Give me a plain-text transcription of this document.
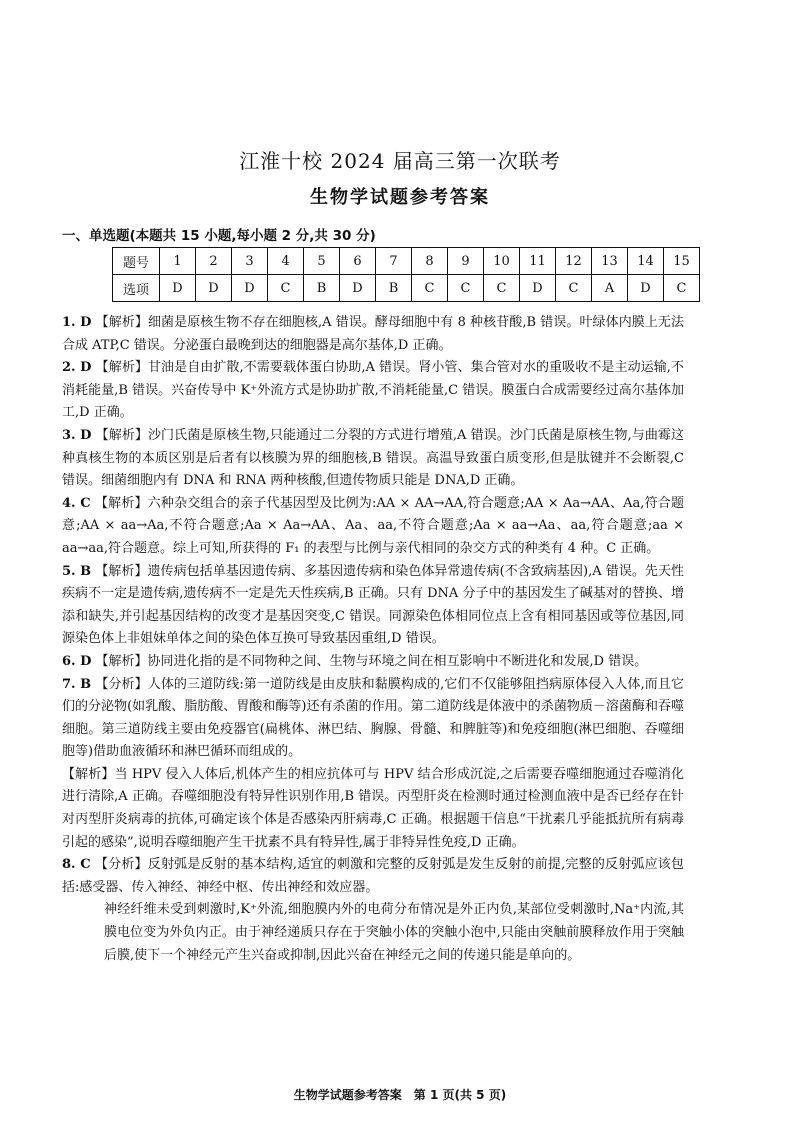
江淮十校 2024 届高三第一次联考
生物学试题参考答案
一、单选题(本题共 15 小题,每小题 2 分,共 30 分)
题号	1	2	3	4	5	6	7	8	9	10	11	12	13	14	15
选项	D	D	D	C	B	D	B	C	C	C	D	C	A	D	C

1. D 【解析】细菌是原核生物不存在细胞核,A 错误。酵母细胞中有 8 种核苷酸,B 错误。叶绿体内膜上无法合成 ATP,C 错误。分泌蛋白最晚到达的细胞器是高尔基体,D 正确。

2. D 【解析】甘油是自由扩散,不需要载体蛋白协助,A 错误。肾小管、集合管对水的重吸收不是主动运输,不消耗能量,B 错误。兴奋传导中 K⁺外流方式是协助扩散,不消耗能量,C 错误。膜蛋白合成需要经过高尔基体加工,D 正确。

3. D 【解析】沙门氏菌是原核生物,只能通过二分裂的方式进行增殖,A 错误。沙门氏菌是原核生物,与曲霉这种真核生物的本质区别是后者有以核膜为界的细胞核,B 错误。高温导致蛋白质变形,但是肽键并不会断裂,C 错误。细菌细胞内有 DNA 和 RNA 两种核酸,但遗传物质只能是 DNA,D 正确。

4. C 【解析】六种杂交组合的亲子代基因型及比例为:AA × AA→AA,符合题意;AA × Aa→AA、Aa,符合题意;AA × aa→Aa,不符合题意;Aa × Aa→AA、Aa、aa,不符合题意;Aa × aa→Aa、aa,符合题意;aa × aa→aa,符合题意。综上可知,所获得的 F₁ 的表型与比例与亲代相同的杂交方式的种类有 4 种。C 正确。

5. B 【解析】遗传病包括单基因遗传病、多基因遗传病和染色体异常遗传病(不含致病基因),A 错误。先天性疾病不一定是遗传病,遗传病不一定是先天性疾病,B 正确。只有 DNA 分子中的基因发生了碱基对的替换、增添和缺失,并引起基因结构的改变才是基因突变,C 错误。同源染色体相同位点上含有相同基因或等位基因,同源染色体上非姐妹单体之间的染色体互换可导致基因重组,D 错误。

6. D 【解析】协同进化指的是不同物种之间、生物与环境之间在相互影响中不断进化和发展,D 错误。

7. B 【分析】人体的三道防线:第一道防线是由皮肤和黏膜构成的,它们不仅能够阻挡病原体侵入人体,而且它们的分泌物(如乳酸、脂肪酸、胃酸和酶等)还有杀菌的作用。第二道防线是体液中的杀菌物质－溶菌酶和吞噬细胞。第三道防线主要由免疫器官(扁桃体、淋巴结、胸腺、骨髓、和脾脏等)和免疫细胞(淋巴细胞、吞噬细胞等)借助血液循环和淋巴循环而组成的。

【解析】当 HPV 侵入人体后,机体产生的相应抗体可与 HPV 结合形成沉淀,之后需要吞噬细胞通过吞噬消化进行清除,A 正确。吞噬细胞没有特异性识别作用,B 错误。丙型肝炎在检测时通过检测血液中是否已经存在针对丙型肝炎病毒的抗体,可确定该个体是否感染丙肝病毒,C 正确。根据题干信息“干扰素几乎能抵抗所有病毒引起的感染”,说明吞噬细胞产生干扰素不具有特异性,属于非特异性免疫,D 正确。

8. C 【分析】反射弧是反射的基本结构,适宜的刺激和完整的反射弧是发生反射的前提,完整的反射弧应该包括:感受器、传入神经、神经中枢、传出神经和效应器。

神经纤维未受到刺激时,K⁺外流,细胞膜内外的电荷分布情况是外正内负,某部位受刺激时,Na⁺内流,其膜电位变为外负内正。由于神经递质只存在于突触小体的突触小泡中,只能由突触前膜释放作用于突触后膜,使下一个神经元产生兴奋或抑制,因此兴奋在神经元之间的传递只能是单向的。

生物学试题参考答案　第 1 页(共 5 页)
